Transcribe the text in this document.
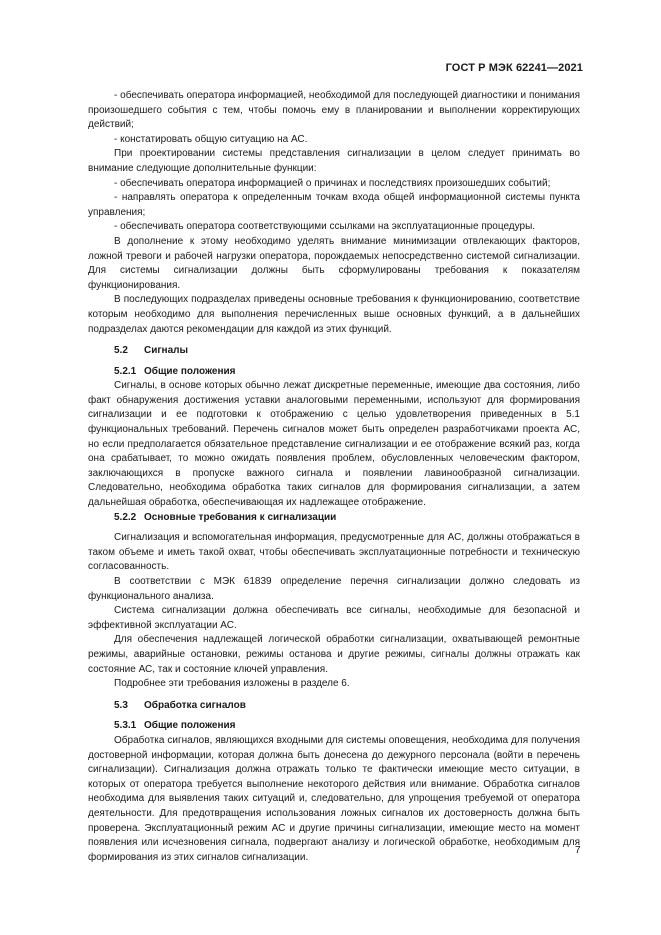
ГОСТ Р МЭК 62241—2021

- обеспечивать оператора информацией, необходимой для последующей диагностики и понимания произошедшего события с тем, чтобы помочь ему в планировании и выполнении корректирующих действий;

- констатировать общую ситуацию на АС.

При проектировании системы представления сигнализации в целом следует принимать во внимание следующие дополнительные функции:

- обеспечивать оператора информацией о причинах и последствиях произошедших событий;

- направлять оператора к определенным точкам входа общей информационной системы пункта управления;

- обеспечивать оператора соответствующими ссылками на эксплуатационные процедуры.

В дополнение к этому необходимо уделять внимание минимизации отвлекающих факторов, ложной тревоги и рабочей нагрузки оператора, порождаемых непосредственно системой сигнализации. Для системы сигнализации должны быть сформулированы требования к показателям функционирования.

В последующих подразделах приведены основные требования к функционированию, соответствие которым необходимо для выполнения перечисленных выше основных функций, а в дальнейших подразделах даются рекомендации для каждой из этих функций.

5.2 Сигналы

5.2.1 Общие положения

Сигналы, в основе которых обычно лежат дискретные переменные, имеющие два состояния, либо факт обнаружения достижения уставки аналоговыми переменными, используют для формирования сигнализации и ее подготовки к отображению с целью удовлетворения приведенных в 5.1 функциональных требований. Перечень сигналов может быть определен разработчиками проекта АС, но если предполагается обязательное представление сигнализации и ее отображение всякий раз, когда она срабатывает, то можно ожидать появления проблем, обусловленных человеческим фактором, заключающихся в пропуске важного сигнала и появлении лавинообразной сигнализации. Следовательно, необходима обработка таких сигналов для формирования сигнализации, а затем дальнейшая обработка, обеспечивающая их надлежащее отображение.

5.2.2 Основные требования к сигнализации

Сигнализация и вспомогательная информация, предусмотренные для АС, должны отображаться в таком объеме и иметь такой охват, чтобы обеспечивать эксплуатационные потребности и техническую согласованность.

В соответствии с МЭК 61839 определение перечня сигнализации должно следовать из функционального анализа.

Система сигнализации должна обеспечивать все сигналы, необходимые для безопасной и эффективной эксплуатации АС.

Для обеспечения надлежащей логической обработки сигнализации, охватывающей ремонтные режимы, аварийные остановки, режимы останова и другие режимы, сигналы должны отражать как состояние АС, так и состояние ключей управления.

Подробнее эти требования изложены в разделе 6.

5.3 Обработка сигналов

5.3.1 Общие положения

Обработка сигналов, являющихся входными для системы оповещения, необходима для получения достоверной информации, которая должна быть донесена до дежурного персонала (войти в перечень сигнализации). Сигнализация должна отражать только те фактически имеющие место ситуации, в которых от оператора требуется выполнение некоторого действия или внимание. Обработка сигналов необходима для выявления таких ситуаций и, следовательно, для упрощения требуемой от оператора деятельности. Для предотвращения использования ложных сигналов их достоверность должна быть проверена. Эксплуатационный режим АС и другие причины сигнализации, имеющие место на момент появления или исчезновения сигнала, подвергают анализу и логической обработке, необходимым для формирования из этих сигналов сигнализации.

7
